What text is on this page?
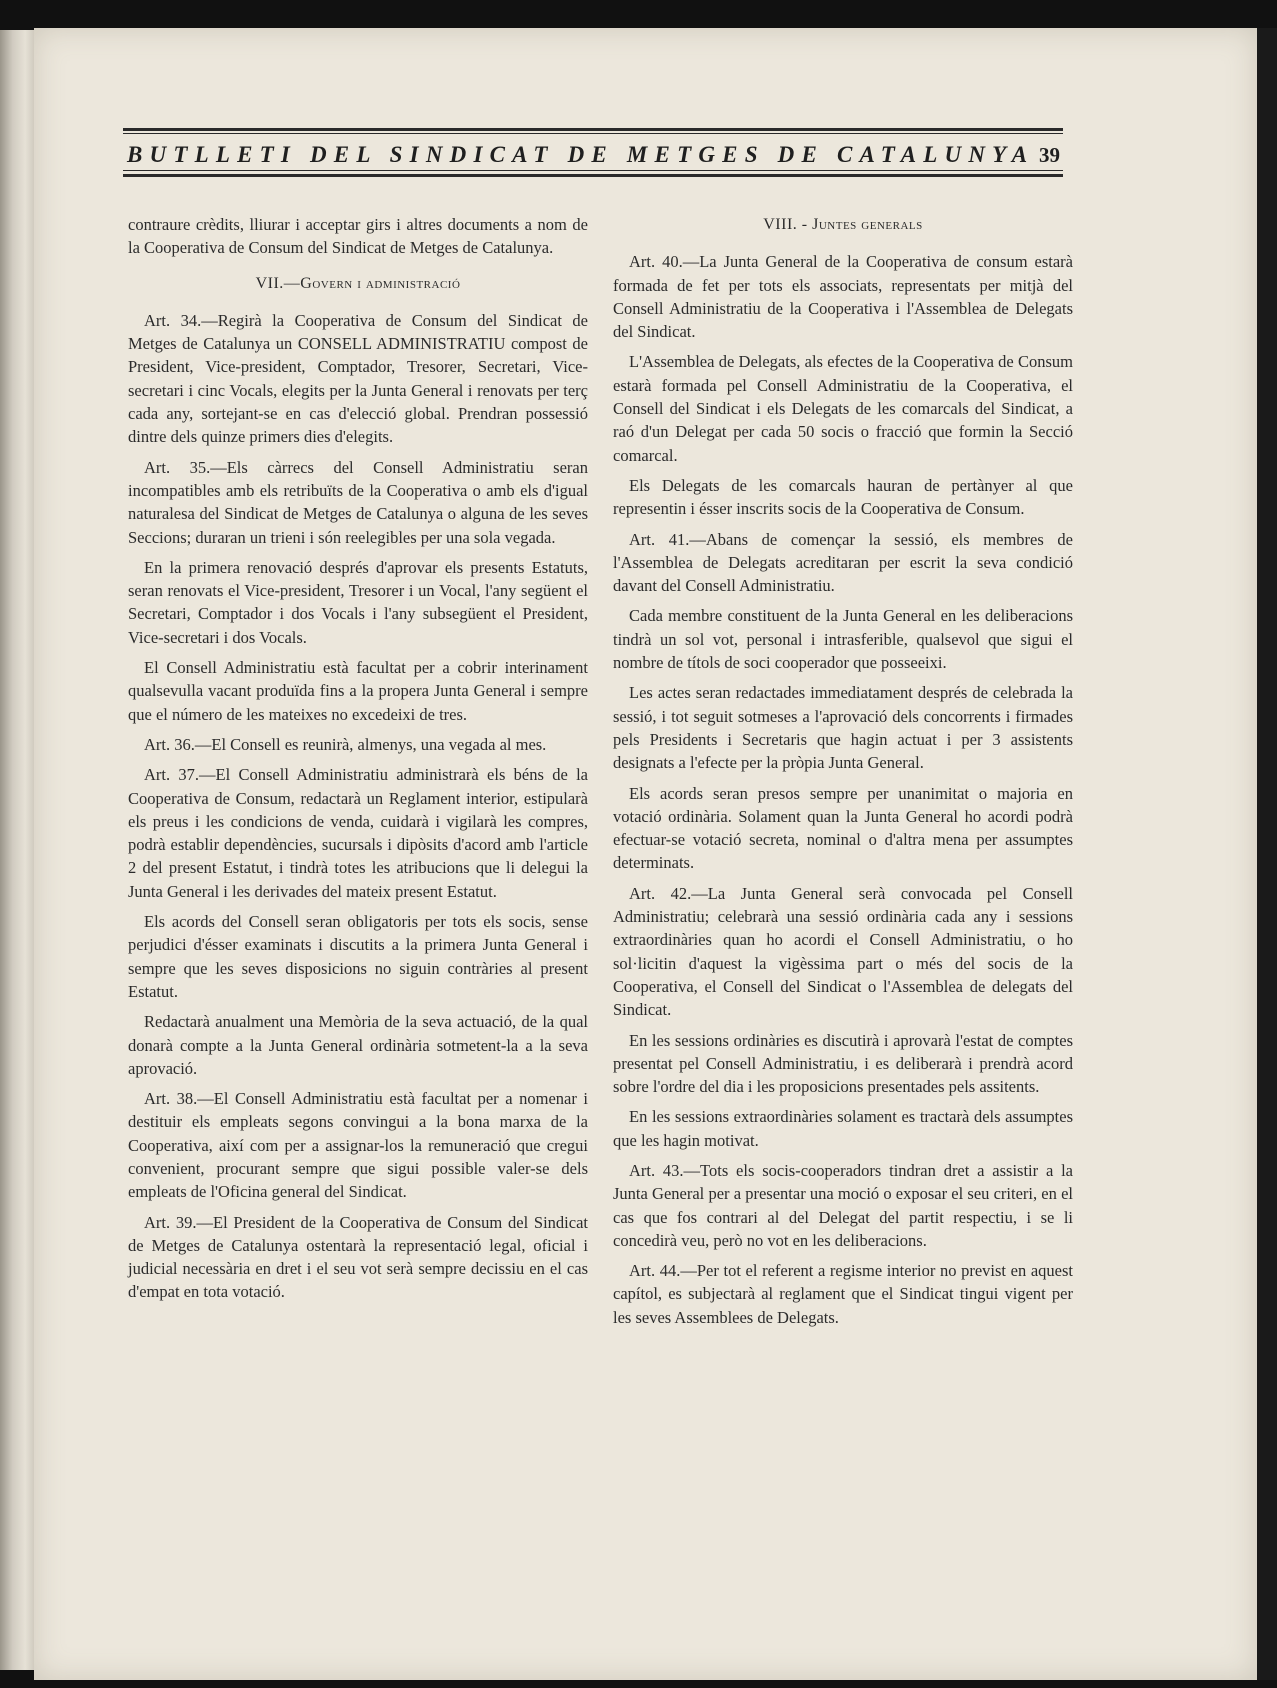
BUTLLETI DEL SINDICAT DE METGES DE CATALUNYA 39

contraure crèdits, lliurar i acceptar girs i altres documents a nom de la Cooperativa de Consum del Sindicat de Metges de Catalunya.

VII.—Govern i administració

Art. 34.—Regirà la Cooperativa de Consum del Sindicat de Metges de Catalunya un CONSELL ADMINISTRATIU compost de President, Vice-president, Comptador, Tresorer, Secretari, Vice-secretari i cinc Vocals, elegits per la Junta General i renovats per terç cada any, sortejant-se en cas d'elecció global. Prendran possessió dintre dels quinze primers dies d'elegits.

Art. 35.—Els càrrecs del Consell Administratiu seran incompatibles amb els retribuïts de la Cooperativa o amb els d'igual naturalesa del Sindicat de Metges de Catalunya o alguna de les seves Seccions; duraran un trieni i són reelegibles per una sola vegada.

En la primera renovació després d'aprovar els presents Estatuts, seran renovats el Vice-president, Tresorer i un Vocal, l'any següent el Secretari, Comptador i dos Vocals i l'any subsegüent el President, Vice-secretari i dos Vocals.

El Consell Administratiu està facultat per a cobrir interinament qualsevulla vacant produïda fins a la propera Junta General i sempre que el número de les mateixes no excedeixi de tres.

Art. 36.—El Consell es reunirà, almenys, una vegada al mes.

Art. 37.—El Consell Administratiu administrarà els béns de la Cooperativa de Consum, redactarà un Reglament interior, estipularà els preus i les condicions de venda, cuidarà i vigilarà les compres, podrà establir dependències, sucursals i dipòsits d'acord amb l'article 2 del present Estatut, i tindrà totes les atribucions que li delegui la Junta General i les derivades del mateix present Estatut.

Els acords del Consell seran obligatoris per tots els socis, sense perjudici d'ésser examinats i discutits a la primera Junta General i sempre que les seves disposicions no siguin contràries al present Estatut.

Redactarà anualment una Memòria de la seva actuació, de la qual donarà compte a la Junta General ordinària sotmetent-la a la seva aprovació.

Art. 38.—El Consell Administratiu està facultat per a nomenar i destituir els empleats segons convingui a la bona marxa de la Cooperativa, així com per a assignar-los la remuneració que cregui convenient, procurant sempre que sigui possible valer-se dels empleats de l'Oficina general del Sindicat.

Art. 39.—El President de la Cooperativa de Consum del Sindicat de Metges de Catalunya ostentarà la representació legal, oficial i judicial necessària en dret i el seu vot serà sempre decissiu en el cas d'empat en tota votació.

VIII. - Juntes generals

Art. 40.—La Junta General de la Cooperativa de consum estarà formada de fet per tots els associats, representats per mitjà del Consell Administratiu de la Cooperativa i l'Assemblea de Delegats del Sindicat.

L'Assemblea de Delegats, als efectes de la Cooperativa de Consum estarà formada pel Consell Administratiu de la Cooperativa, el Consell del Sindicat i els Delegats de les comarcals del Sindicat, a raó d'un Delegat per cada 50 socis o fracció que formin la Secció comarcal.

Els Delegats de les comarcals hauran de pertànyer al que representin i ésser inscrits socis de la Cooperativa de Consum.

Art. 41.—Abans de començar la sessió, els membres de l'Assemblea de Delegats acreditaran per escrit la seva condició davant del Consell Administratiu.

Cada membre constituent de la Junta General en les deliberacions tindrà un sol vot, personal i intrasferible, qualsevol que sigui el nombre de títols de soci cooperador que posseeixi.

Les actes seran redactades immediatament després de celebrada la sessió, i tot seguit sotmeses a l'aprovació dels concorrents i firmades pels Presidents i Secretaris que hagin actuat i per 3 assistents designats a l'efecte per la pròpia Junta General.

Els acords seran presos sempre per unanimitat o majoria en votació ordinària. Solament quan la Junta General ho acordi podrà efectuar-se votació secreta, nominal o d'altra mena per assumptes determinats.

Art. 42.—La Junta General serà convocada pel Consell Administratiu; celebrarà una sessió ordinària cada any i sessions extraordinàries quan ho acordi el Consell Administratiu, o ho sol·licitin d'aquest la vigèssima part o més del socis de la Cooperativa, el Consell del Sindicat o l'Assemblea de delegats del Sindicat.

En les sessions ordinàries es discutirà i aprovarà l'estat de comptes presentat pel Consell Administratiu, i es deliberarà i prendrà acord sobre l'ordre del dia i les proposicions presentades pels assitents.

En les sessions extraordinàries solament es tractarà dels assumptes que les hagin motivat.

Art. 43.—Tots els socis-cooperadors tindran dret a assistir a la Junta General per a presentar una moció o exposar el seu criteri, en el cas que fos contrari al del Delegat del partit respectiu, i se li concedirà veu, però no vot en les deliberacions.

Art. 44.—Per tot el referent a regisme interior no previst en aquest capítol, es subjectarà al reglament que el Sindicat tingui vigent per les seves Assemblees de Delegats.
